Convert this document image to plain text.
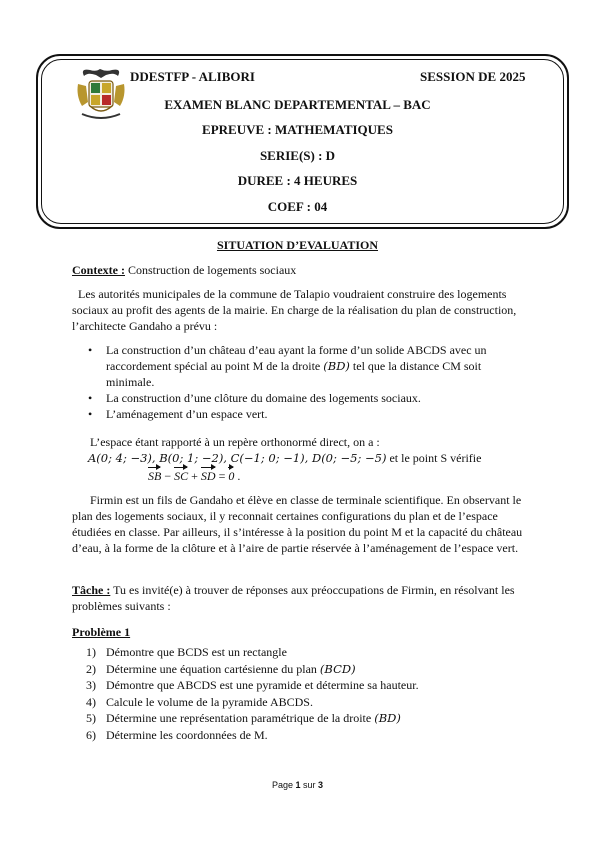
DDESTFP - ALIBORI	SESSION DE 2025
EXAMEN BLANC DEPARTEMENTAL – BAC
EPREUVE : MATHEMATIQUES
SERIE(S) : D
DUREE : 4 HEURES
COEF : 04
SITUATION D’EVALUATION
Contexte : Construction de logements sociaux
Les autorités municipales de la commune de Talapio voudraient construire des logements sociaux au profit des agents de la mairie. En charge de la réalisation du plan de construction, l’architecte Gandaho a prévu :
• La construction d’un château d’eau ayant la forme d’un solide ABCDS avec un raccordement spécial au point M de la droite (BD) tel que la distance CM soit minimale.
• La construction d’une clôture du domaine des logements sociaux.
• L’aménagement d’un espace vert.
L’espace étant rapporté à un repère orthonormé direct, on a :
A(0; 4; −3), B(0; 1; −2), C(−1; 0; −1), D(0; −5; −5) et le point S vérifie
SB − SC + SD = 0 .
Firmin est un fils de Gandaho et élève en classe de terminale scientifique. En observant le plan des logements sociaux, il y reconnait certaines configurations du plan et de l’espace étudiées en classe. Par ailleurs, il s’intéresse à la position du point M et la capacité du château d’eau, à la forme de la clôture et à l’aire de partie réservée à l’aménagement de l’espace vert.
Tâche : Tu es invité(e) à trouver de réponses aux préoccupations de Firmin, en résolvant les problèmes suivants :
Problème 1
1) Démontre que BCDS est un rectangle
2) Détermine une équation cartésienne du plan (BCD)
3) Démontre que ABCDS est une pyramide et détermine sa hauteur.
4) Calcule le volume de la pyramide ABCDS.
5) Détermine une représentation paramétrique de la droite (BD)
6) Détermine les coordonnées de M.
Page 1 sur 3
